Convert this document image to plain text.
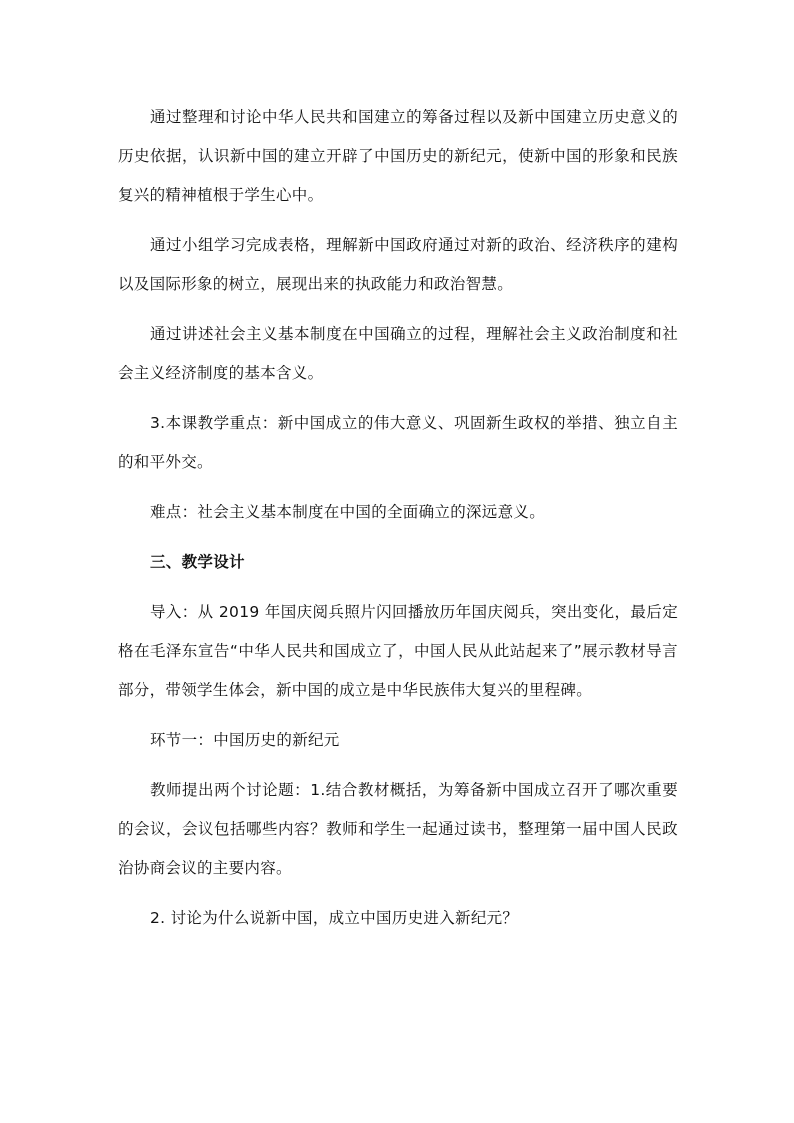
通过整理和讨论中华人民共和国建立的筹备过程以及新中国建立历史意义的历史依据，认识新中国的建立开辟了中国历史的新纪元，使新中国的形象和民族复兴的精神植根于学生心中。

通过小组学习完成表格，理解新中国政府通过对新的政治、经济秩序的建构以及国际形象的树立，展现出来的执政能力和政治智慧。

通过讲述社会主义基本制度在中国确立的过程，理解社会主义政治制度和社会主义经济制度的基本含义。

3.本课教学重点：新中国成立的伟大意义、巩固新生政权的举措、独立自主的和平外交。

难点：社会主义基本制度在中国的全面确立的深远意义。

三、教学设计

导入：从 2019 年国庆阅兵照片闪回播放历年国庆阅兵，突出变化，最后定格在毛泽东宣告“中华人民共和国成立了，中国人民从此站起来了”展示教材导言部分，带领学生体会，新中国的成立是中华民族伟大复兴的里程碑。

环节一：中国历史的新纪元

教师提出两个讨论题：1.结合教材概括，为筹备新中国成立召开了哪次重要的会议，会议包括哪些内容？教师和学生一起通过读书，整理第一届中国人民政治协商会议的主要内容。

2. 讨论为什么说新中国，成立中国历史进入新纪元？
